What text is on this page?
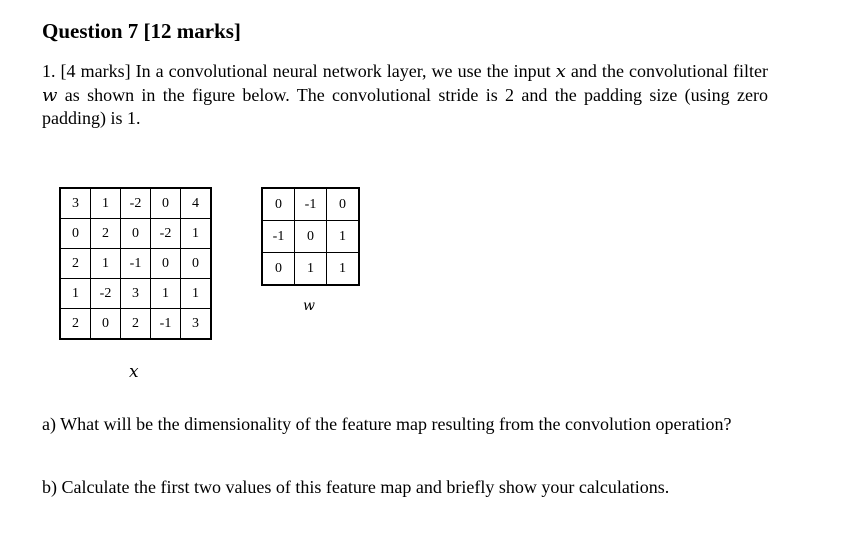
Question 7 [12 marks]

1. [4 marks] In a convolutional neural network layer, we use the input x and the convolutional filter w as shown in the figure below. The convolutional stride is 2 and the padding size (using zero padding) is 1.

3	1	-2	0	4
0	2	0	-2	1
2	1	-1	0	0
1	-2	3	1	1
2	0	2	-1	3
0	-1	0
-1	0	1
0	1	1
x
w

a) What will be the dimensionality of the feature map resulting from the convolution operation?

b) Calculate the first two values of this feature map and briefly show your calculations.
